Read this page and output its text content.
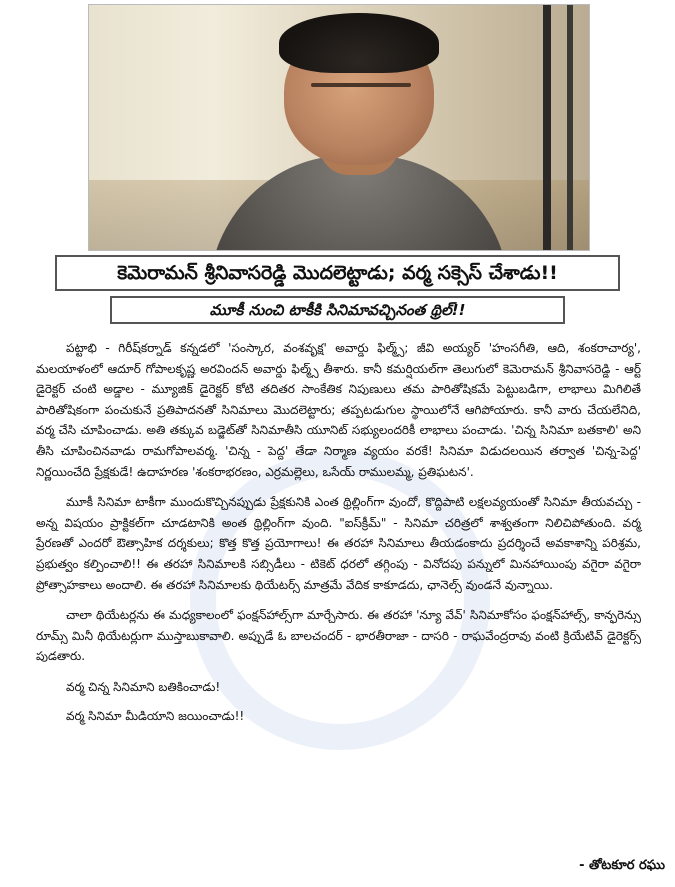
కెమెరామన్ శ్రీనివాసరెడ్డి మొదలెట్టాడు; వర్మ సక్సెస్ చేశాడు!!
మూకీ నుంచి టాకీకి సినిమావచ్చినంత థ్రిల్!!

పట్టాభి - గిరీష్‌కర్నాడ్ కన్నడలో 'సంస్కార, వంశవృక్ష' అవార్డు ఫిల్మ్స్; జీవి అయ్యర్ 'హంసగీతి, ఆది, శంకరాచార్య', మలయాళంలో ఆదూర్ గోపాలకృష్ణ అరవిందన్ అవార్డు ఫిల్మ్స్ తీశారు. కానీ కమర్షియల్‌గా తెలుగులో కెమెరామన్ శ్రీనివాసరెడ్డి - ఆర్ట్ డైరెక్టర్ చంటి అడ్డాల - మ్యూజిక్ డైరెక్టర్ కోటి తదితర సాంకేతిక నిపుణులు తమ పారితోషికమే పెట్టుబడిగా, లాభాలు మిగిలితే పారితోషికంగా పంచుకునే ప్రతిపాదనతో సినిమాలు మొదలెట్టారు; తప్పటడుగుల స్థాయిలోనే ఆగిపోయారు. కానీ వారు చేయలేనిది, వర్మ చేసి చూపించాడు. అతి తక్కువ బడ్జెట్‌తో సినిమాతీసి యూనిట్ సభ్యులందరికీ లాభాలు పంచాడు. 'చిన్న సినిమా బతకాలి' అని తీసి చూపించినవాడు రామగోపాలవర్మ. 'చిన్న - పెద్ద' తేడా నిర్మాణ వ్యయం వరకే! సినిమా విడుదలయిన తర్వాత 'చిన్న-పెద్ద' నిర్ణయించేది ప్రేక్షకుడే! ఉదాహరణ 'శంకరాభరణం, ఎర్రమల్లెలు, ఒసేయ్ రాములమ్మ, ప్రతిఘటన'.

మూకీ సినిమా టాకీగా ముందుకొచ్చినప్పుడు ప్రేక్షకునికి ఎంత థ్రిల్లింగ్‌గా వుందో, కొద్దిపాటి లక్షలవ్యయంతో సినిమా తీయవచ్చు - అన్న విషయం ప్రాక్టికల్‌గా చూడటానికి అంత థ్రిల్లింగ్‌గా వుంది. "ఐస్‌క్రీమ్" - సినిమా చరిత్రలో శాశ్వతంగా నిలిచిపోతుంది. వర్మ ప్రేరణతో ఎందరో ఔత్సాహిక దర్శకులు; కొత్త కొత్త ప్రయోగాలు! ఈ తరహా సినిమాలు తీయడంకాదు ప్రదర్శించే అవకాశాన్ని పరిశ్రమ, ప్రభుత్వం కల్పించాలి!! ఈ తరహా సినిమాలకి సబ్సిడీలు - టికెట్ ధరలో తగ్గింపు - వినోదపు పన్నులో మినహాయింపు వగైరా వగైరా ప్రోత్సాహకాలు అందాలి. ఈ తరహా సినిమాలకు థియేటర్స్ మాత్రమే వేదిక కాకూడదు, ఛానెల్స్ వుండనే వున్నాయి.

చాలా థియేటర్లను ఈ మధ్యకాలంలో ఫంక్షన్‌హాల్స్‌గా మార్చేసారు. ఈ తరహా 'న్యూ వేవ్' సినిమాకోసం ఫంక్షన్‌హాల్స్, కాన్ఫరెన్సు రూమ్స్ మినీ థియేటర్లుగా ముస్తాబుకావాలి. అప్పుడే ఓ బాలచందర్ - భారతీరాజా - దాసరి - రాఘవేంద్రరావు వంటి క్రియేటివ్ డైరెక్టర్స్ పుడతారు.

వర్మ చిన్న సినిమాని బతికించాడు!

వర్మ సినిమా మీడియాని జయించాడు!!

- తోటకూర రఘు
